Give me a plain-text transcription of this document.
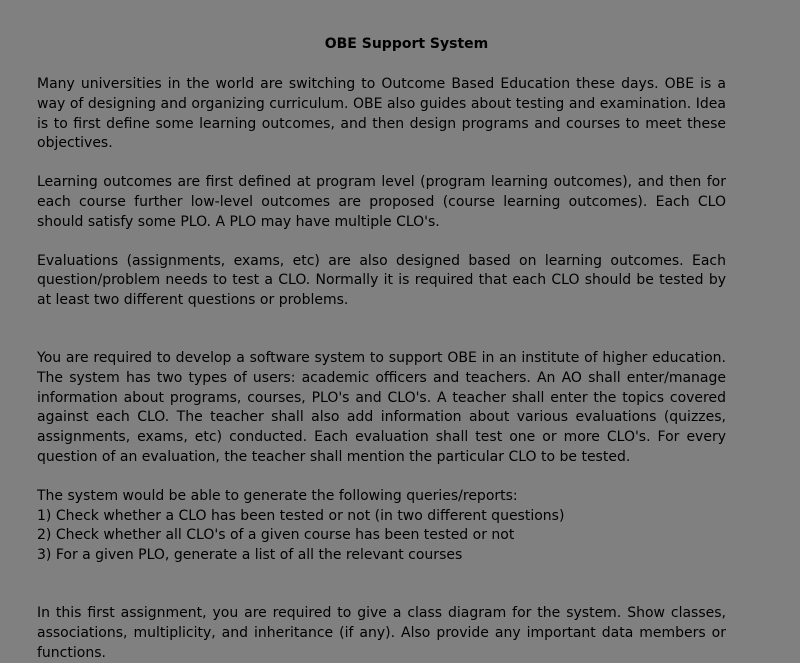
OBE Support System

Many universities in the world are switching to Outcome Based Education these days. OBE is a way of designing and organizing curriculum. OBE also guides about testing and examination. Idea is to first define some learning outcomes, and then design programs and courses to meet these objectives.

Learning outcomes are first defined at program level (program learning outcomes), and then for each course further low-level outcomes are proposed (course learning outcomes). Each CLO should satisfy some PLO. A PLO may have multiple CLO's.

Evaluations (assignments, exams, etc) are also designed based on learning outcomes. Each question/problem needs to test a CLO. Normally it is required that each CLO should be tested by at least two different questions or problems.

You are required to develop a software system to support OBE in an institute of higher education. The system has two types of users: academic officers and teachers. An AO shall enter/manage information about programs, courses, PLO's and CLO's. A teacher shall enter the topics covered against each CLO. The teacher shall also add information about various evaluations (quizzes, assignments, exams, etc) conducted. Each evaluation shall test one or more CLO's. For every question of an evaluation, the teacher shall mention the particular CLO to be tested.

The system would be able to generate the following queries/reports:

1) Check whether a CLO has been tested or not (in two different questions)

2) Check whether all CLO's of a given course has been tested or not

3) For a given PLO, generate a list of all the relevant courses

In this first assignment, you are required to give a class diagram for the system. Show classes, associations, multiplicity, and inheritance (if any). Also provide any important data members or functions.
